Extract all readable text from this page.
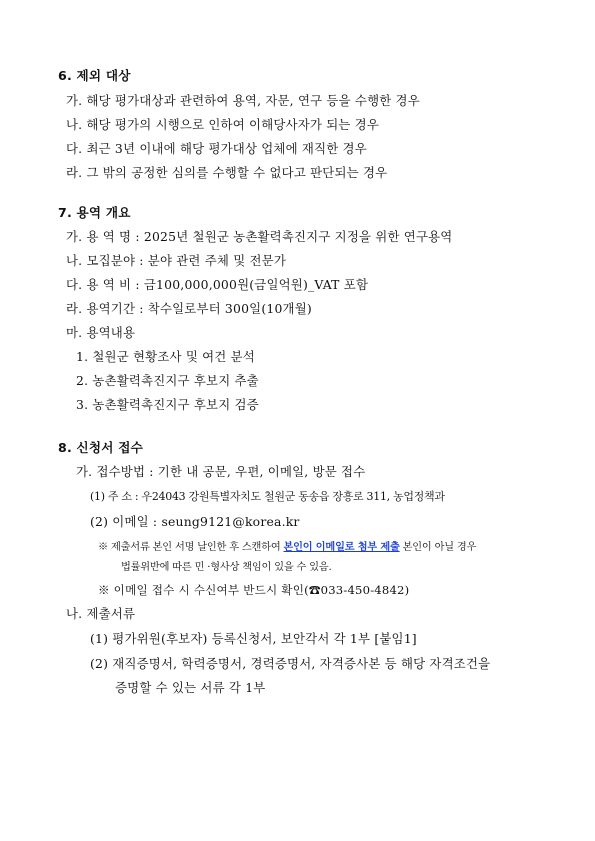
6. 제외 대상
가. 해당 평가대상과 관련하여 용역, 자문, 연구 등을 수행한 경우
나. 해당 평가의 시행으로 인하여 이해당사자가 되는 경우
다. 최근 3년 이내에 해당 평가대상 업체에 재직한 경우
라. 그 밖의 공정한 심의를 수행할 수 없다고 판단되는 경우
7. 용역 개요
가. 용 역 명 : 2025년 철원군 농촌활력촉진지구 지정을 위한 연구용역
나. 모집분야 : 분야 관련 주체 및 전문가
다. 용 역 비 : 금100,000,000원(금일억원)_VAT 포함
라. 용역기간 : 착수일로부터 300일(10개월)
마. 용역내용
1. 철원군 현황조사 및 여건 분석
2. 농촌활력촉진지구 후보지 추출
3. 농촌활력촉진지구 후보지 검증
8. 신청서 접수
가. 접수방법 : 기한 내 공문, 우편, 이메일, 방문 접수
(1) 주 소 : 우24043 강원특별자치도 철원군 동송읍 장흥로 311, 농업정책과
(2) 이메일 : seung9121@korea.kr
※ 제출서류 본인 서명 날인한 후 스캔하여 본인이 이메일로 첨부 제출 본인이 아닐 경우
법률위반에 따른 민 ·형사상 책임이 있을 수 있음.
※ 이메일 접수 시 수신여부 반드시 확인(☎033-450-4842)
나. 제출서류
(1) 평가위원(후보자) 등록신청서, 보안각서 각 1부 [붙임1]
(2) 재직증명서, 학력증명서, 경력증명서, 자격증사본 등 해당 자격조건을
증명할 수 있는 서류 각 1부
